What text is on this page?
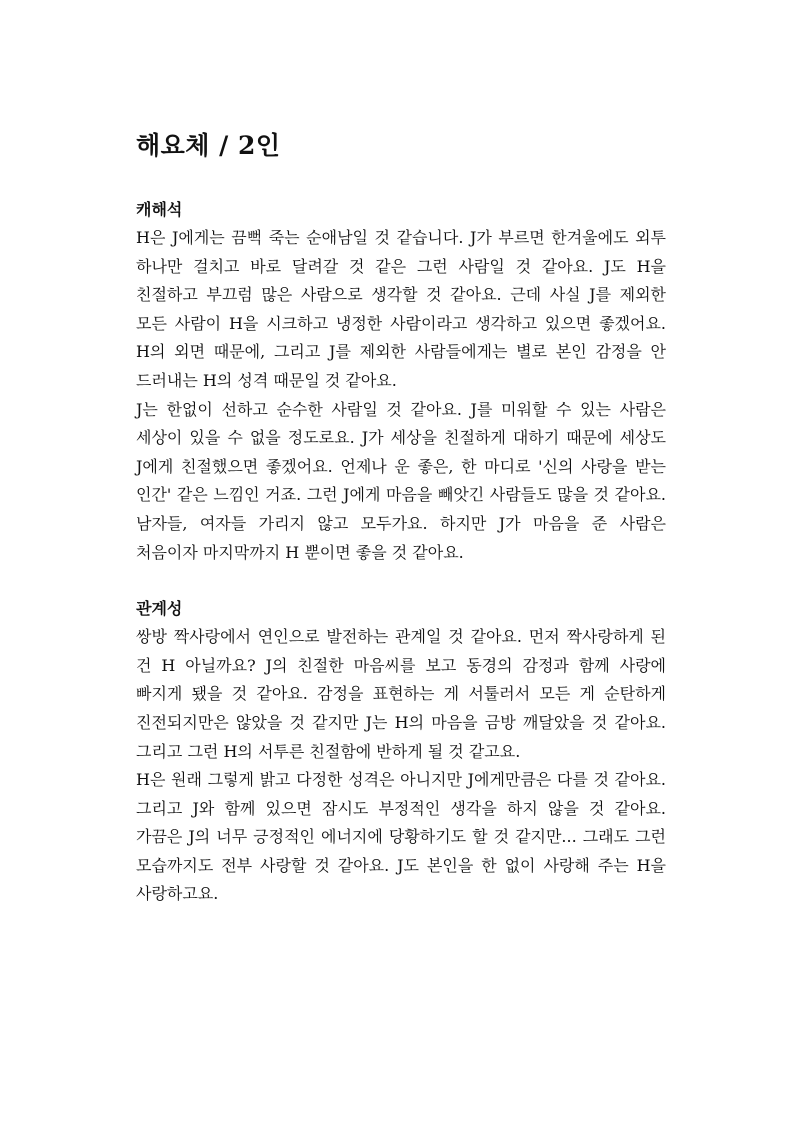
해요체 / 2인
캐해석

H은 J에게는 끔뻑 죽는 순애남일 것 같습니다. J가 부르면 한겨울에도 외투 하나만 걸치고 바로 달려갈 것 같은 그런 사람일 것 같아요. J도 H을 친절하고 부끄럼 많은 사람으로 생각할 것 같아요. 근데 사실 J를 제외한 모든 사람이 H을 시크하고 냉정한 사람이라고 생각하고 있으면 좋겠어요. H의 외면 때문에, 그리고 J를 제외한 사람들에게는 별로 본인 감정을 안 드러내는 H의 성격 때문일 것 같아요.

J는 한없이 선하고 순수한 사람일 것 같아요. J를 미워할 수 있는 사람은 세상이 있을 수 없을 정도로요. J가 세상을 친절하게 대하기 때문에 세상도 J에게 친절했으면 좋겠어요. 언제나 운 좋은, 한 마디로 '신의 사랑을 받는 인간' 같은 느낌인 거죠. 그런 J에게 마음을 빼앗긴 사람들도 많을 것 같아요. 남자들, 여자들 가리지 않고 모두가요. 하지만 J가 마음을 준 사람은 처음이자 마지막까지 H 뿐이면 좋을 것 같아요.

관계성

쌍방 짝사랑에서 연인으로 발전하는 관계일 것 같아요. 먼저 짝사랑하게 된 건 H 아닐까요? J의 친절한 마음씨를 보고 동경의 감정과 함께 사랑에 빠지게 됐을 것 같아요. 감정을 표현하는 게 서툴러서 모든 게 순탄하게 진전되지만은 않았을 것 같지만 J는 H의 마음을 금방 깨달았을 것 같아요. 그리고 그런 H의 서투른 친절함에 반하게 될 것 같고요.

H은 원래 그렇게 밝고 다정한 성격은 아니지만 J에게만큼은 다를 것 같아요. 그리고 J와 함께 있으면 잠시도 부정적인 생각을 하지 않을 것 같아요. 가끔은 J의 너무 긍정적인 에너지에 당황하기도 할 것 같지만... 그래도 그런 모습까지도 전부 사랑할 것 같아요. J도 본인을 한 없이 사랑해 주는 H을 사랑하고요.
